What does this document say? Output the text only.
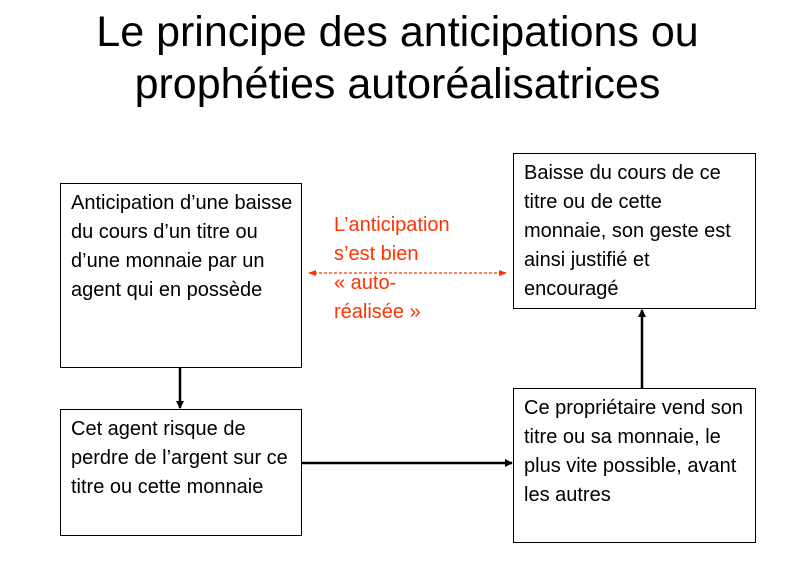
Le principe des anticipations ou
prophéties autoréalisatrices
Anticipation d’une baisse du cours d’un titre ou d’une monnaie par un agent qui en possède
Cet agent risque de perdre de l’argent sur ce titre ou cette monnaie
Ce propriétaire vend son titre ou sa monnaie, le plus vite possible, avant les autres
Baisse du cours de ce titre ou de cette monnaie, son geste est ainsi justifié et encouragé
L’anticipation
s’est bien
« auto-
réalisée »
